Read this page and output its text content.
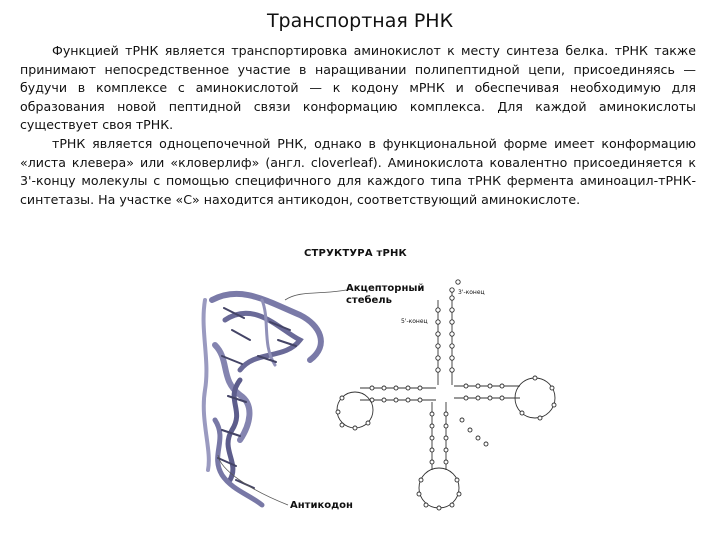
Транспортная РНК

Функцией тРНК является транспортировка аминокислот к месту синтеза белка. тРНК также принимают непосредственное участие в наращивании полипептидной цепи, присоединяясь — будучи в комплексе с аминокислотой — к кодону мРНК и обеспечивая необходимую для образования новой пептидной связи конформацию комплекса. Для каждой аминокислоты существует своя тРНК.

тРНК является одноцепочечной РНК, однако в функциональной форме имеет конформацию «листа клевера» или «кловерлиф» (англ. cloverleaf). Аминокислота ковалентно присоединяется к 3'-концу молекулы с помощью специфичного для каждого типа тРНК фермента аминоацил-тРНК-синтетазы. На участке «С» находится антикодон, соответствующий аминокислоте.

СТРУКТУРА тРНК
Акцепторный
стебель
Антикодон
3'-конец
5'-конец
